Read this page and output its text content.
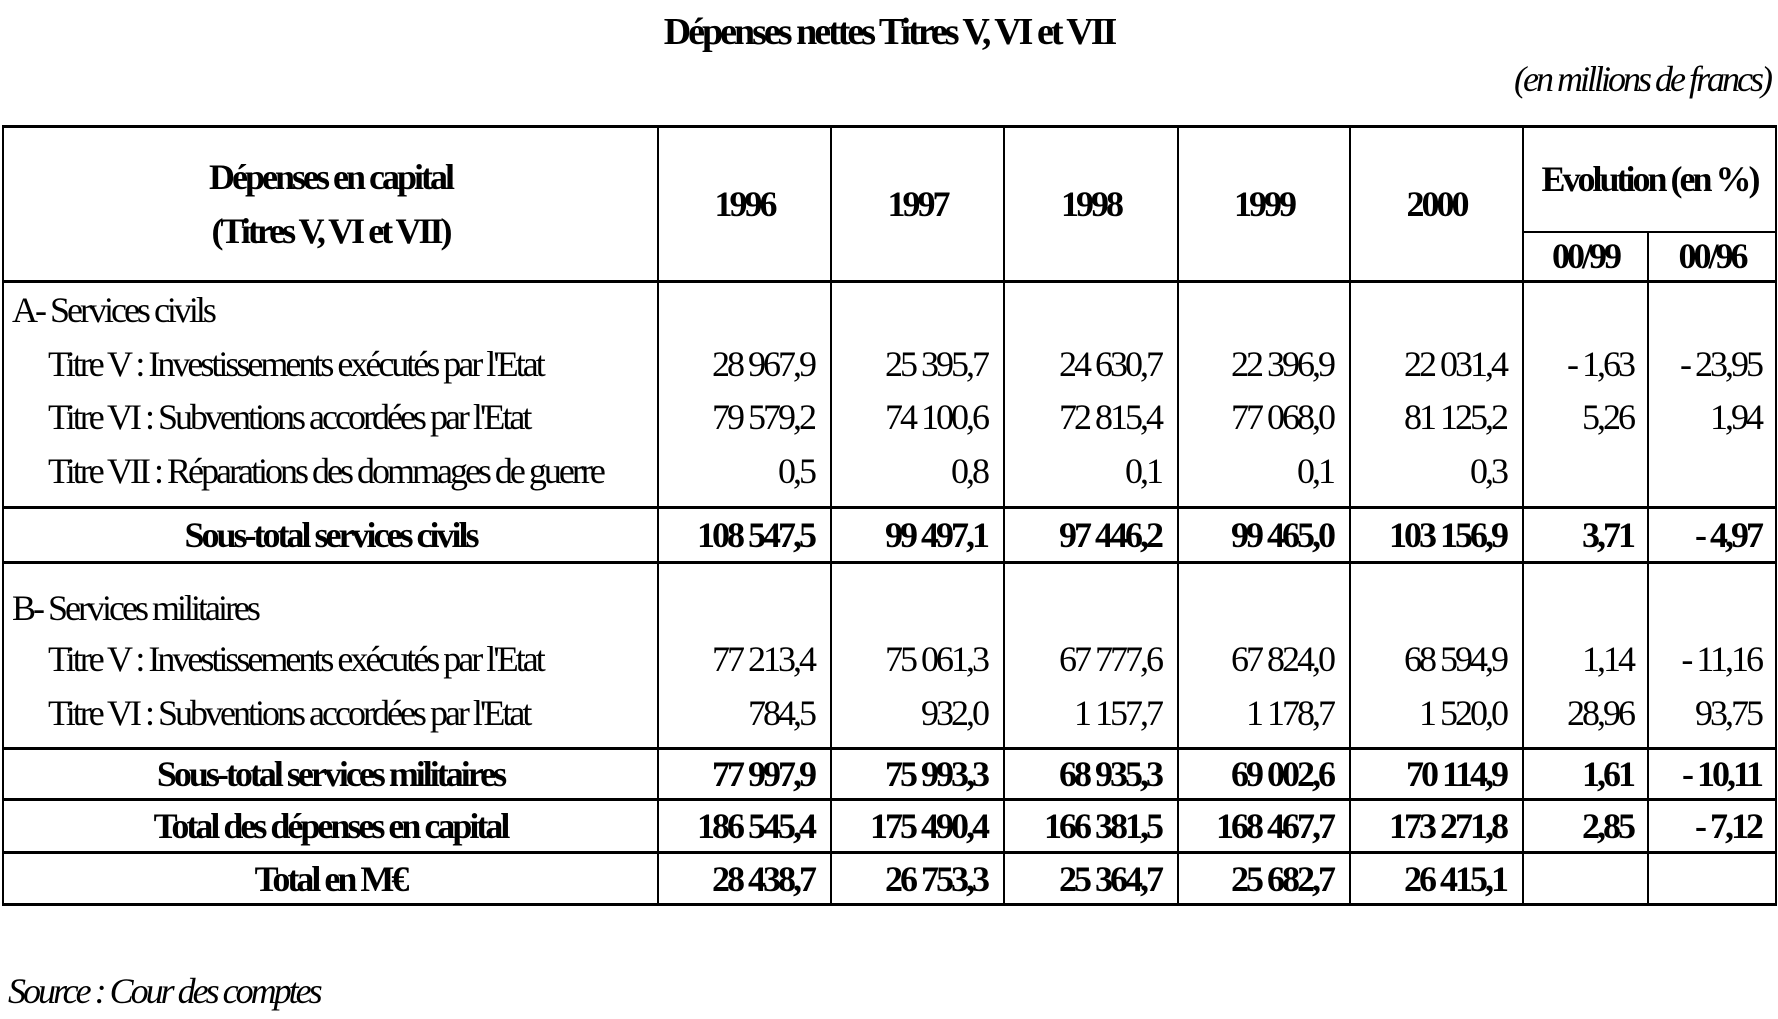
Dépenses nettes Titres V, VI et VII
(en millions de francs)
Dépenses en capital
(Titres V, VI et VII)	1996	1997	1998	1999	2000	Evolution (en %)	
						00/99	00/96
A- Services civils							
Titre V : Investissements exécutés par l'Etat	28 967,9	25 395,7	24 630,7	22 396,9	22 031,4	- 1,63	- 23,95
Titre VI : Subventions accordées par l'Etat	79 579,2	74 100,6	72 815,4	77 068,0	81 125,2	5,26	1,94
Titre VII : Réparations des dommages de guerre	0,5	0,8	0,1	0,1	0,3		
Sous-total services civils	108 547,5	99 497,1	97 446,2	99 465,0	103 156,9	3,71	- 4,97
B- Services militaires							
Titre V : Investissements exécutés par l'Etat	77 213,4	75 061,3	67 777,6	67 824,0	68 594,9	1,14	- 11,16
Titre VI : Subventions accordées par l'Etat	784,5	932,0	1 157,7	1 178,7	1 520,0	28,96	93,75
Sous-total services militaires	77 997,9	75 993,3	68 935,3	69 002,6	70 114,9	1,61	- 10,11
Total des dépenses en capital	186 545,4	175 490,4	166 381,5	168 467,7	173 271,8	2,85	- 7,12
Total en M€	28 438,7	26 753,3	25 364,7	25 682,7	26 415,1		
Source : Cour des comptes
